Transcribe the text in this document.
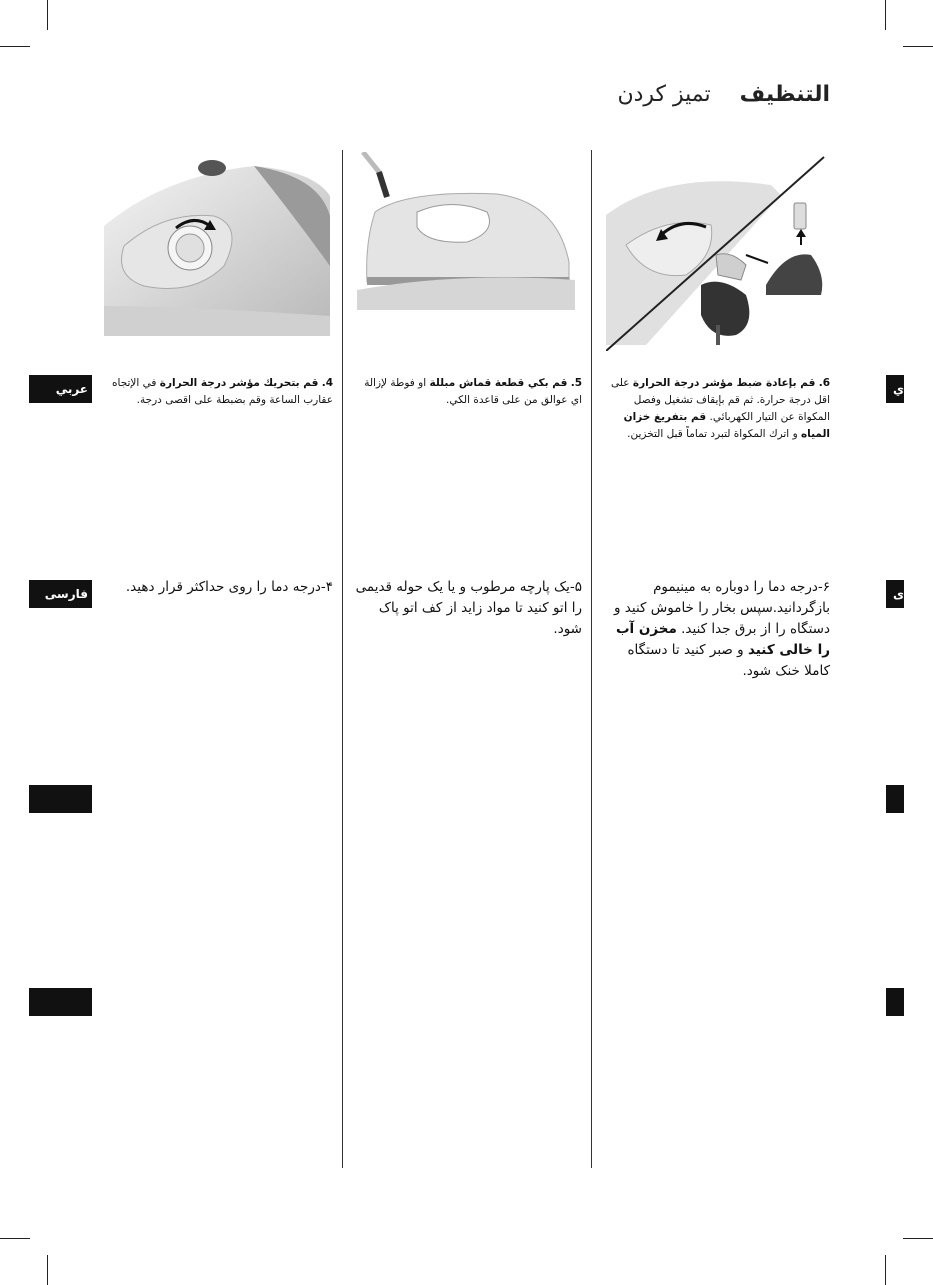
التنظيف تمیز کردن
عربي
فارسی
ي
ی
4. قم بتحريك مؤشر درجة الحرارة في الإتجاه عقارب الساعة وقم بضبطة على اقصى درجة.
5. قم بكي قطعة قماش مبللة او فوطة لإزالة اي عوالق من على قاعدة الكي.
6. قم بإعادة ضبط مؤشر درجة الحرارة على اقل درجة حرارة. ثم قم بإيقاف تشغيل وفصل المكواة عن التيار الكهربائي. قم بتفريغ خزان المياه و اترك المكواة لتبرد تماماً قبل التخزين.
۴-درجه دما را روی حداکثر قرار دهید. ۵-یک پارچه مرطوب و یا یک حوله قدیمی را اتو کنید تا مواد زاید از کف اتو پاک شود.
۶-درجه دما را دوباره به مینیموم بازگردانید.سپس بخار را خاموش کنید و دستگاه را از برق جدا کنید. مخزن آب را خالی کنید و صبر کنید تا دستگاه کاملا خنک شود.
